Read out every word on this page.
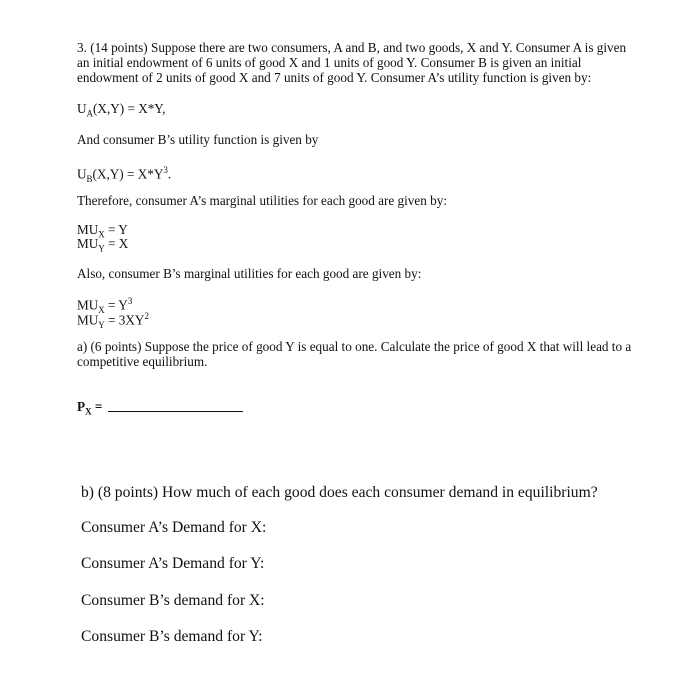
3. (14 points) Suppose there are two consumers, A and B, and two goods, X and Y. Consumer A is given
an initial endowment of 6 units of good X and 1 units of good Y. Consumer B is given an initial
endowment of 2 units of good X and 7 units of good Y. Consumer A’s utility function is given by:
$U_A(X,Y) = X*Y$,
And consumer B’s utility function is given by
$U_B(X,Y) = X*Y^3$.
Therefore, consumer A’s marginal utilities for each good are given by:
$MU_X = Y$
$MU_Y = X$
Also, consumer B’s marginal utilities for each good are given by:
$MU_X = Y^3$
$MU_Y = 3XY^2$
a) (6 points) Suppose the price of good Y is equal to one. Calculate the price of good X that will lead to a
competitive equilibrium.
$P_X$ =
b) (8 points) How much of each good does each consumer demand in equilibrium?
Consumer A’s Demand for X:
Consumer A’s Demand for Y:
Consumer B’s demand for X:
Consumer B’s demand for Y:
